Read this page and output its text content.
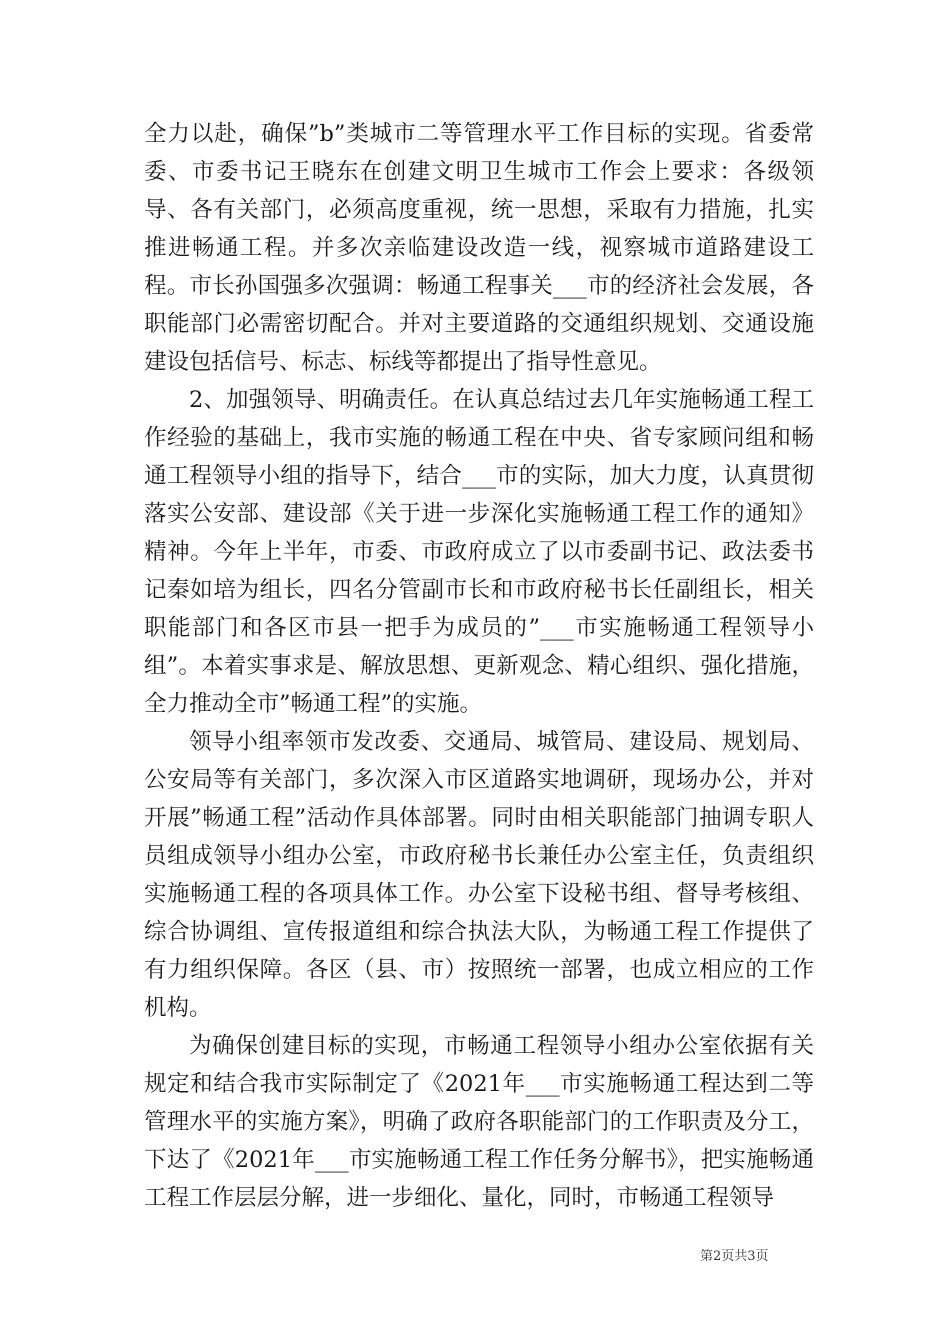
全力以赴，确保”b”类城市二等管理水平工作目标的实现。省委常委、市委书记王晓东在创建文明卫生城市工作会上要求：各级领导、各有关部门，必须高度重视，统一思想，采取有力措施，扎实推进畅通工程。并多次亲临建设改造一线，视察城市道路建设工程。市长孙国强多次强调：畅通工程事关___市的经济社会发展，各职能部门必需密切配合。并对主要道路的交通组织规划、交通设施建设包括信号、标志、标线等都提出了指导性意见。

2、加强领导、明确责任。在认真总结过去几年实施畅通工程工作经验的基础上，我市实施的畅通工程在中央、省专家顾问组和畅通工程领导小组的指导下，结合___市的实际，加大力度，认真贯彻落实公安部、建设部《关于进一步深化实施畅通工程工作的通知》精神。今年上半年，市委、市政府成立了以市委副书记、政法委书记秦如培为组长，四名分管副市长和市政府秘书长任副组长，相关职能部门和各区市县一把手为成员的”___市实施畅通工程领导小组”。本着实事求是、解放思想、更新观念、精心组织、强化措施，全力推动全市”畅通工程”的实施。

领导小组率领市发改委、交通局、城管局、建设局、规划局、公安局等有关部门，多次深入市区道路实地调研，现场办公，并对开展”畅通工程”活动作具体部署。同时由相关职能部门抽调专职人员组成领导小组办公室，市政府秘书长兼任办公室主任，负责组织实施畅通工程的各项具体工作。办公室下设秘书组、督导考核组、综合协调组、宣传报道组和综合执法大队，为畅通工程工作提供了有力组织保障。各区（县、市）按照统一部署，也成立相应的工作机构。

为确保创建目标的实现，市畅通工程领导小组办公室依据有关规定和结合我市实际制定了《2021年___市实施畅通工程达到二等管理水平的实施方案》，明确了政府各职能部门的工作职责及分工，下达了《2021年___市实施畅通工程工作任务分解书》，把实施畅通工程工作层层分解，进一步细化、量化，同时，市畅通工程领导

第2页共3页
